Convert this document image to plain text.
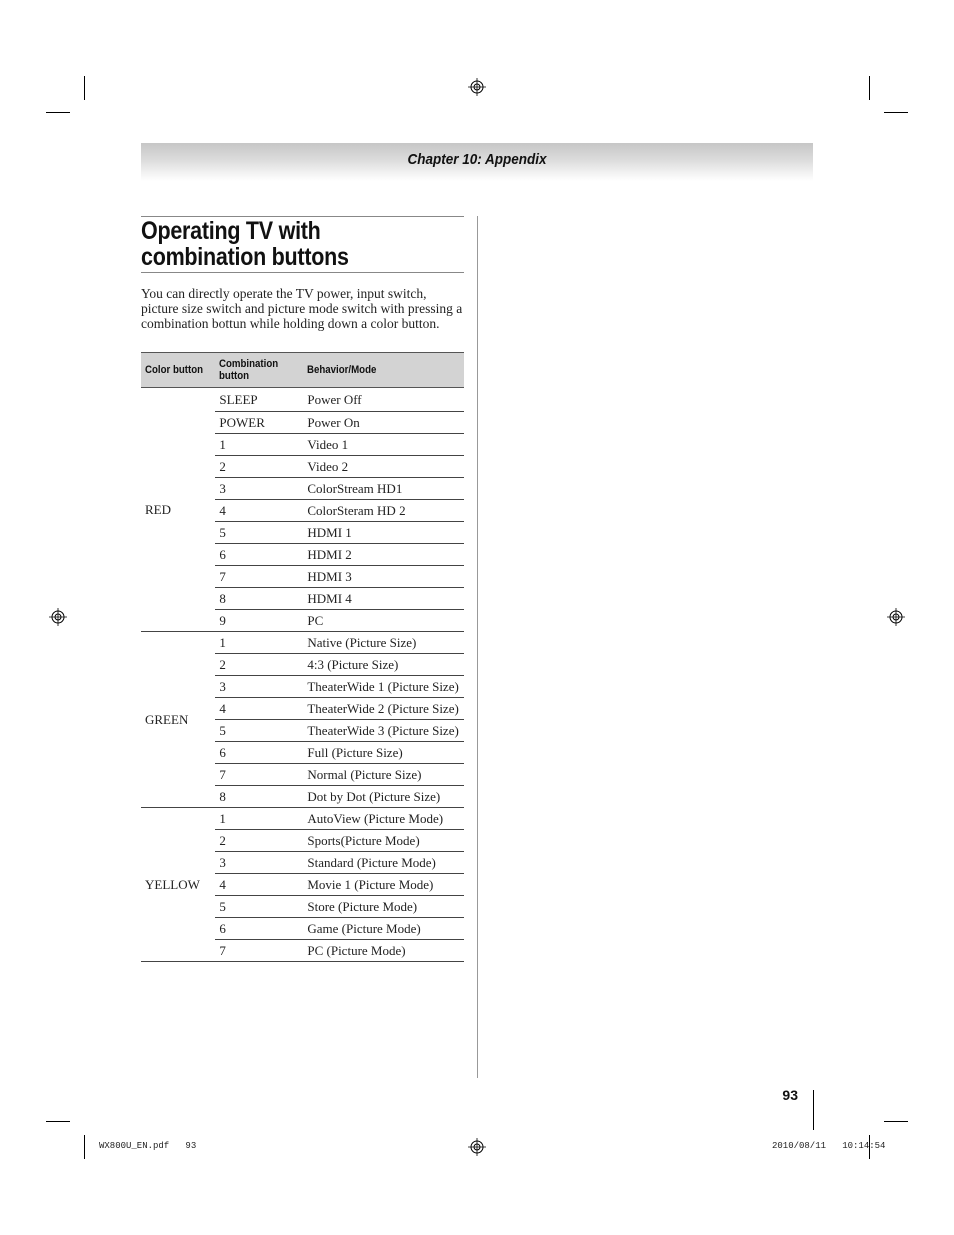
Chapter 10: Appendix
Operating TV with combination buttons

You can directly operate the TV power, input switch, picture size switch and picture mode switch with pressing a combination bottun while holding down a color button.

Color button	Combination button	Behavior/Mode
RED	SLEEP	Power Off
	POWER	Power On
	1	Video 1
	2	Video 2
	3	ColorStream HD1
	4	ColorSteram HD 2
	5	HDMI 1
	6	HDMI 2
	7	HDMI 3
	8	HDMI 4
	9	PC
GREEN	1	Native (Picture Size)
	2	4:3 (Picture Size)
	3	TheaterWide 1 (Picture Size)
	4	TheaterWide 2 (Picture Size)
	5	TheaterWide 3 (Picture Size)
	6	Full (Picture Size)
	7	Normal (Picture Size)
	8	Dot by Dot (Picture Size)
YELLOW	1	AutoView (Picture Mode)
	2	Sports(Picture Mode)
	3	Standard (Picture Mode)
	4	Movie 1 (Picture Mode)
	5	Store (Picture Mode)
	6	Game (Picture Mode)
	7	PC (Picture Mode)
93
WX800U_EN.pdf 93	2010/08/11 10:14:54
